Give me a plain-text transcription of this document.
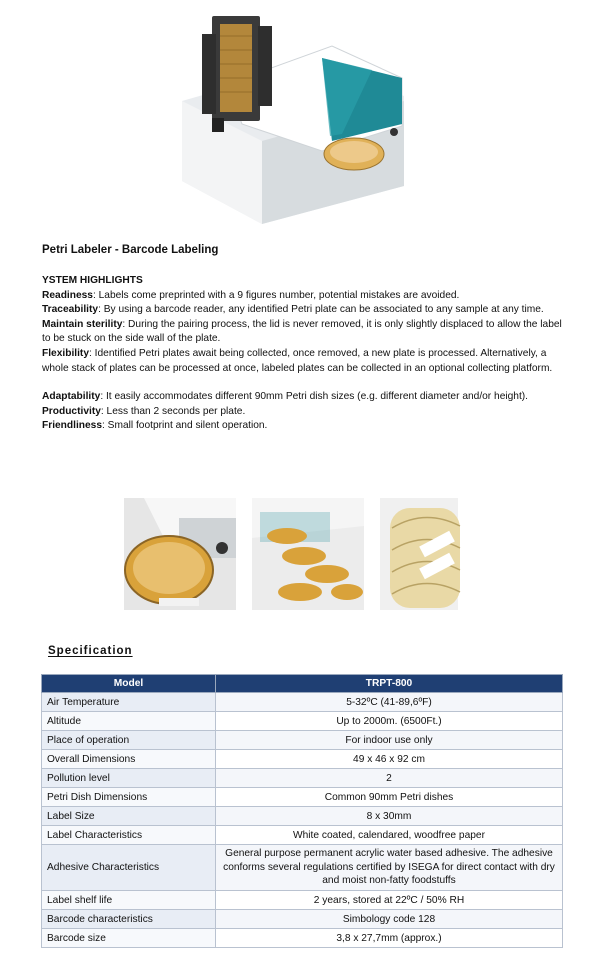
Petri Labeler - Barcode Labeling
YSTEM HIGHLIGHTS

Readiness: Labels come preprinted with a 9 figures number, potential mistakes are avoided.

Traceability: By using a barcode reader, any identified Petri plate can be associated to any sample at any time.

Maintain sterility: During the pairing process, the lid is never removed, it is only slightly displaced to allow the label to be stuck on the side wall of the plate.

Flexibility: Identified Petri plates await being collected, once removed, a new plate is processed. Alternatively, a whole stack of plates can be processed at once, labeled plates can be collected in an optional collecting platform.

Adaptability: It easily accommodates different 90mm Petri dish sizes (e.g. different diameter and/or height).

Productivity: Less than 2 seconds per plate.

Friendliness: Small footprint and silent operation.

Specification
Model	TRPT-800
Air Temperature	5-32ºC (41-89,6ºF)
Altitude	Up to 2000m. (6500Ft.)
Place of operation	For indoor use only
Overall Dimensions	49 x 46 x 92 cm
Pollution level	2
Petri Dish Dimensions	Common 90mm Petri dishes
Label Size	8 x 30mm
Label Characteristics	White coated, calendared, woodfree paper
Adhesive Characteristics	General purpose permanent acrylic water based adhesive. The adhesive conforms several regulations certified by ISEGA for direct contact with dry and moist non-fatty foodstuffs
Label shelf life	2 years, stored at 22ºC / 50% RH
Barcode characteristics	Simbology code 128
Barcode size	3,8 x 27,7mm (approx.)
